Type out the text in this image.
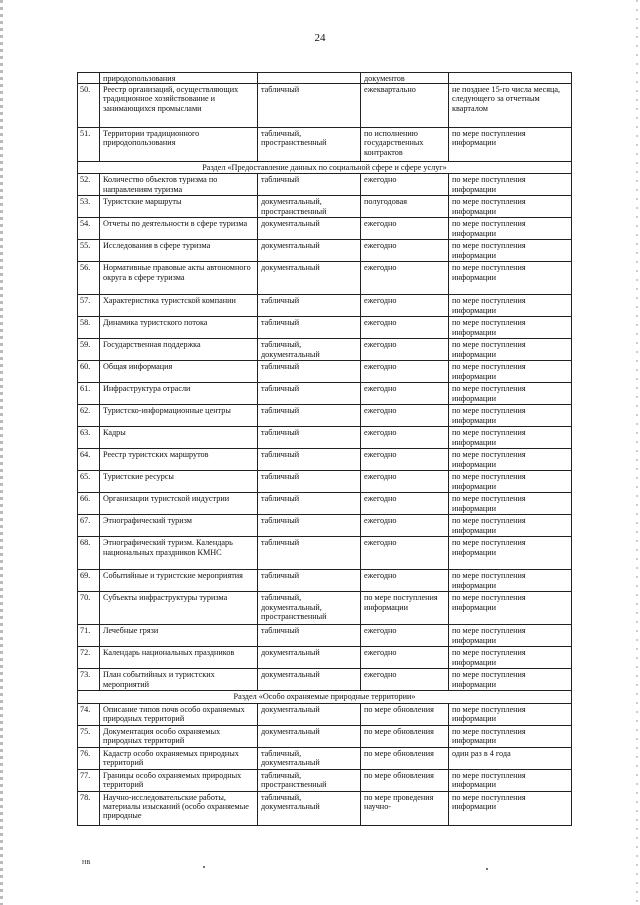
24
	природопользования		документов	
50.	Реестр организаций, осуществляющих традиционное хозяйствование и занимающихся промыслами	табличный	ежеквартально	не позднее 15-го числа месяца, следующего за отчетным кварталом
51.	Территории традиционного природопользования	табличный, пространственный	по исполнению государственных контрактов	по мере поступления информации
Раздел «Предоставление данных по социальной сфере и сфере услуг»				
52.	Количество объектов туризма по направлениям туризма	табличный	ежегодно	по мере поступления информации
53.	Туристские маршруты	документальный, пространственный	полугодовая	по мере поступления информации
54.	Отчеты по деятельности в сфере туризма	документальный	ежегодно	по мере поступления информации
55.	Исследования в сфере туризма	документальный	ежегодно	по мере поступления информации
56.	Нормативные правовые акты автономного округа в сфере туризма	документальный	ежегодно	по мере поступления информации
57.	Характеристика туристской компании	табличный	ежегодно	по мере поступления информации
58.	Динамика туристского потока	табличный	ежегодно	по мере поступления информации
59.	Государственная поддержка	табличный, документальный	ежегодно	по мере поступления информации
60.	Общая информация	табличный	ежегодно	по мере поступления информации
61.	Инфраструктура отрасли	табличный	ежегодно	по мере поступления информации
62.	Туристско-информационные центры	табличный	ежегодно	по мере поступления информации
63.	Кадры	табличный	ежегодно	по мере поступления информации
64.	Реестр туристских маршрутов	табличный	ежегодно	по мере поступления информации
65.	Туристские ресурсы	табличный	ежегодно	по мере поступления информации
66.	Организации туристской индустрии	табличный	ежегодно	по мере поступления информации
67.	Этнографический туризм	табличный	ежегодно	по мере поступления информации
68.	Этнографический туризм. Календарь национальных праздников КМНС	табличный	ежегодно	по мере поступления информации
69.	Событийные и туристские мероприятия	табличный	ежегодно	по мере поступления информации
70.	Субъекты инфраструктуры туризма	табличный, документальный, пространственный	по мере поступления информации	по мере поступления информации
71.	Лечебные грязи	табличный	ежегодно	по мере поступления информации
72.	Календарь национальных праздников	документальный	ежегодно	по мере поступления информации
73.	План событийных и туристских мероприятий	документальный	ежегодно	по мере поступления информации
Раздел «Особо охраняемые природные территории»				
74.	Описание типов почв особо охраняемых природных территорий	документальный	по мере обновления	по мере поступления информации
75.	Документация особо охраняемых природных территорий	документальный	по мере обновления	по мере поступления информации
76.	Кадастр особо охраняемых природных территорий	табличный, документальный	по мере обновления	один раз в 4 года
77.	Границы особо охраняемых природных территорий	табличный, пространственный	по мере обновления	по мере поступления информации
78.	Научно-исследовательские работы, материалы изысканий (особо охраняемые природные	табличный, документальный	по мере проведения научно-	по мере поступления информации
НВ
